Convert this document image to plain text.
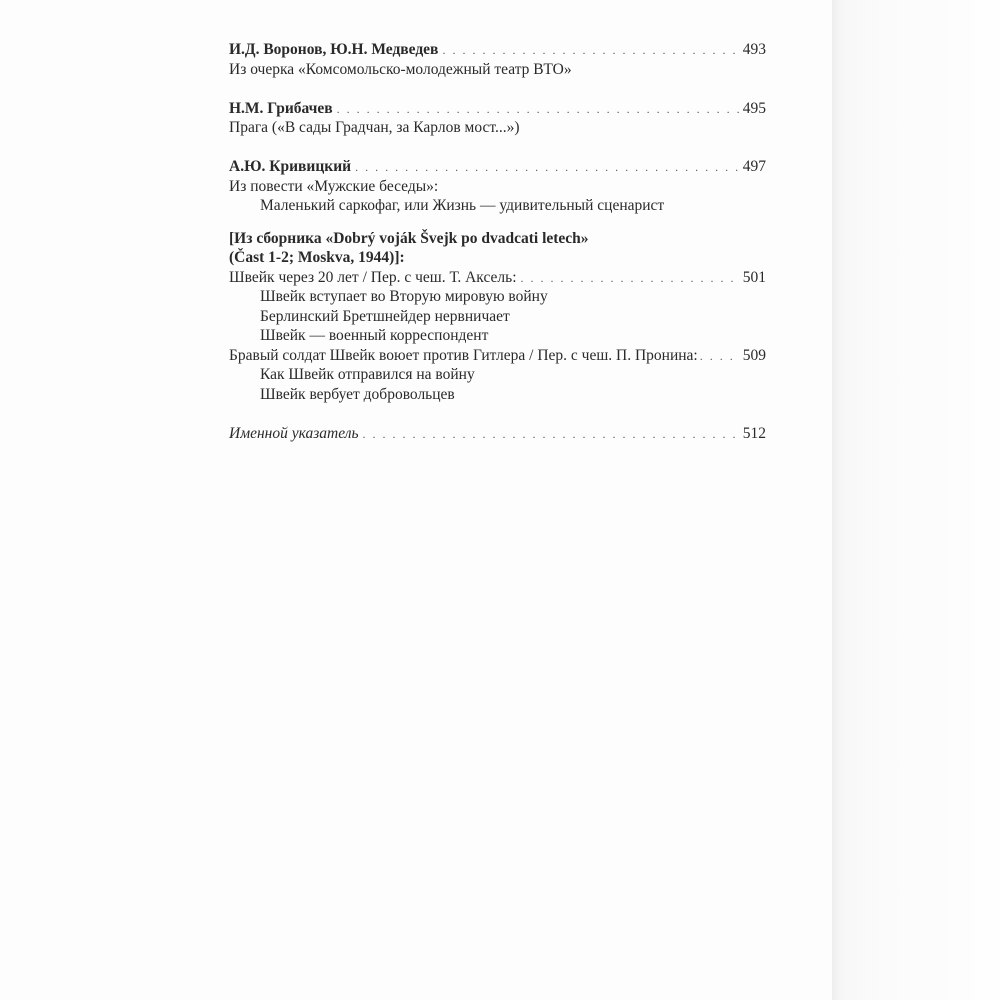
И.Д. Воронов, Ю.Н. Медведев . . .	493
Из очерка «Комсомольско-молодежный театр ВТО»
Н.М. Грибачев . . .	495
Прага («В сады Градчан, за Карлов мост...»)
А.Ю. Кривицкий . . .	497
Из повести «Мужские беседы»:
Маленький саркофаг, или Жизнь — удивительный сценарист
[Из сборника «Dobrý voják Švejk po dvadcati letech»
(Čast 1-2; Moskva, 1944)]:
Швейк через 20 лет / Пер. с чеш. Т. Аксель: . . .	501
Швейк вступает во Вторую мировую войну
Берлинский Бретшнейдер нервничает
Швейк — военный корреспондент
Бравый солдат Швейк воюет против Гитлера / Пер. с чеш. П. Пронина: . . .	509
Как Швейк отправился на войну
Швейк вербует добровольцев
Именной указатель . . .	512
